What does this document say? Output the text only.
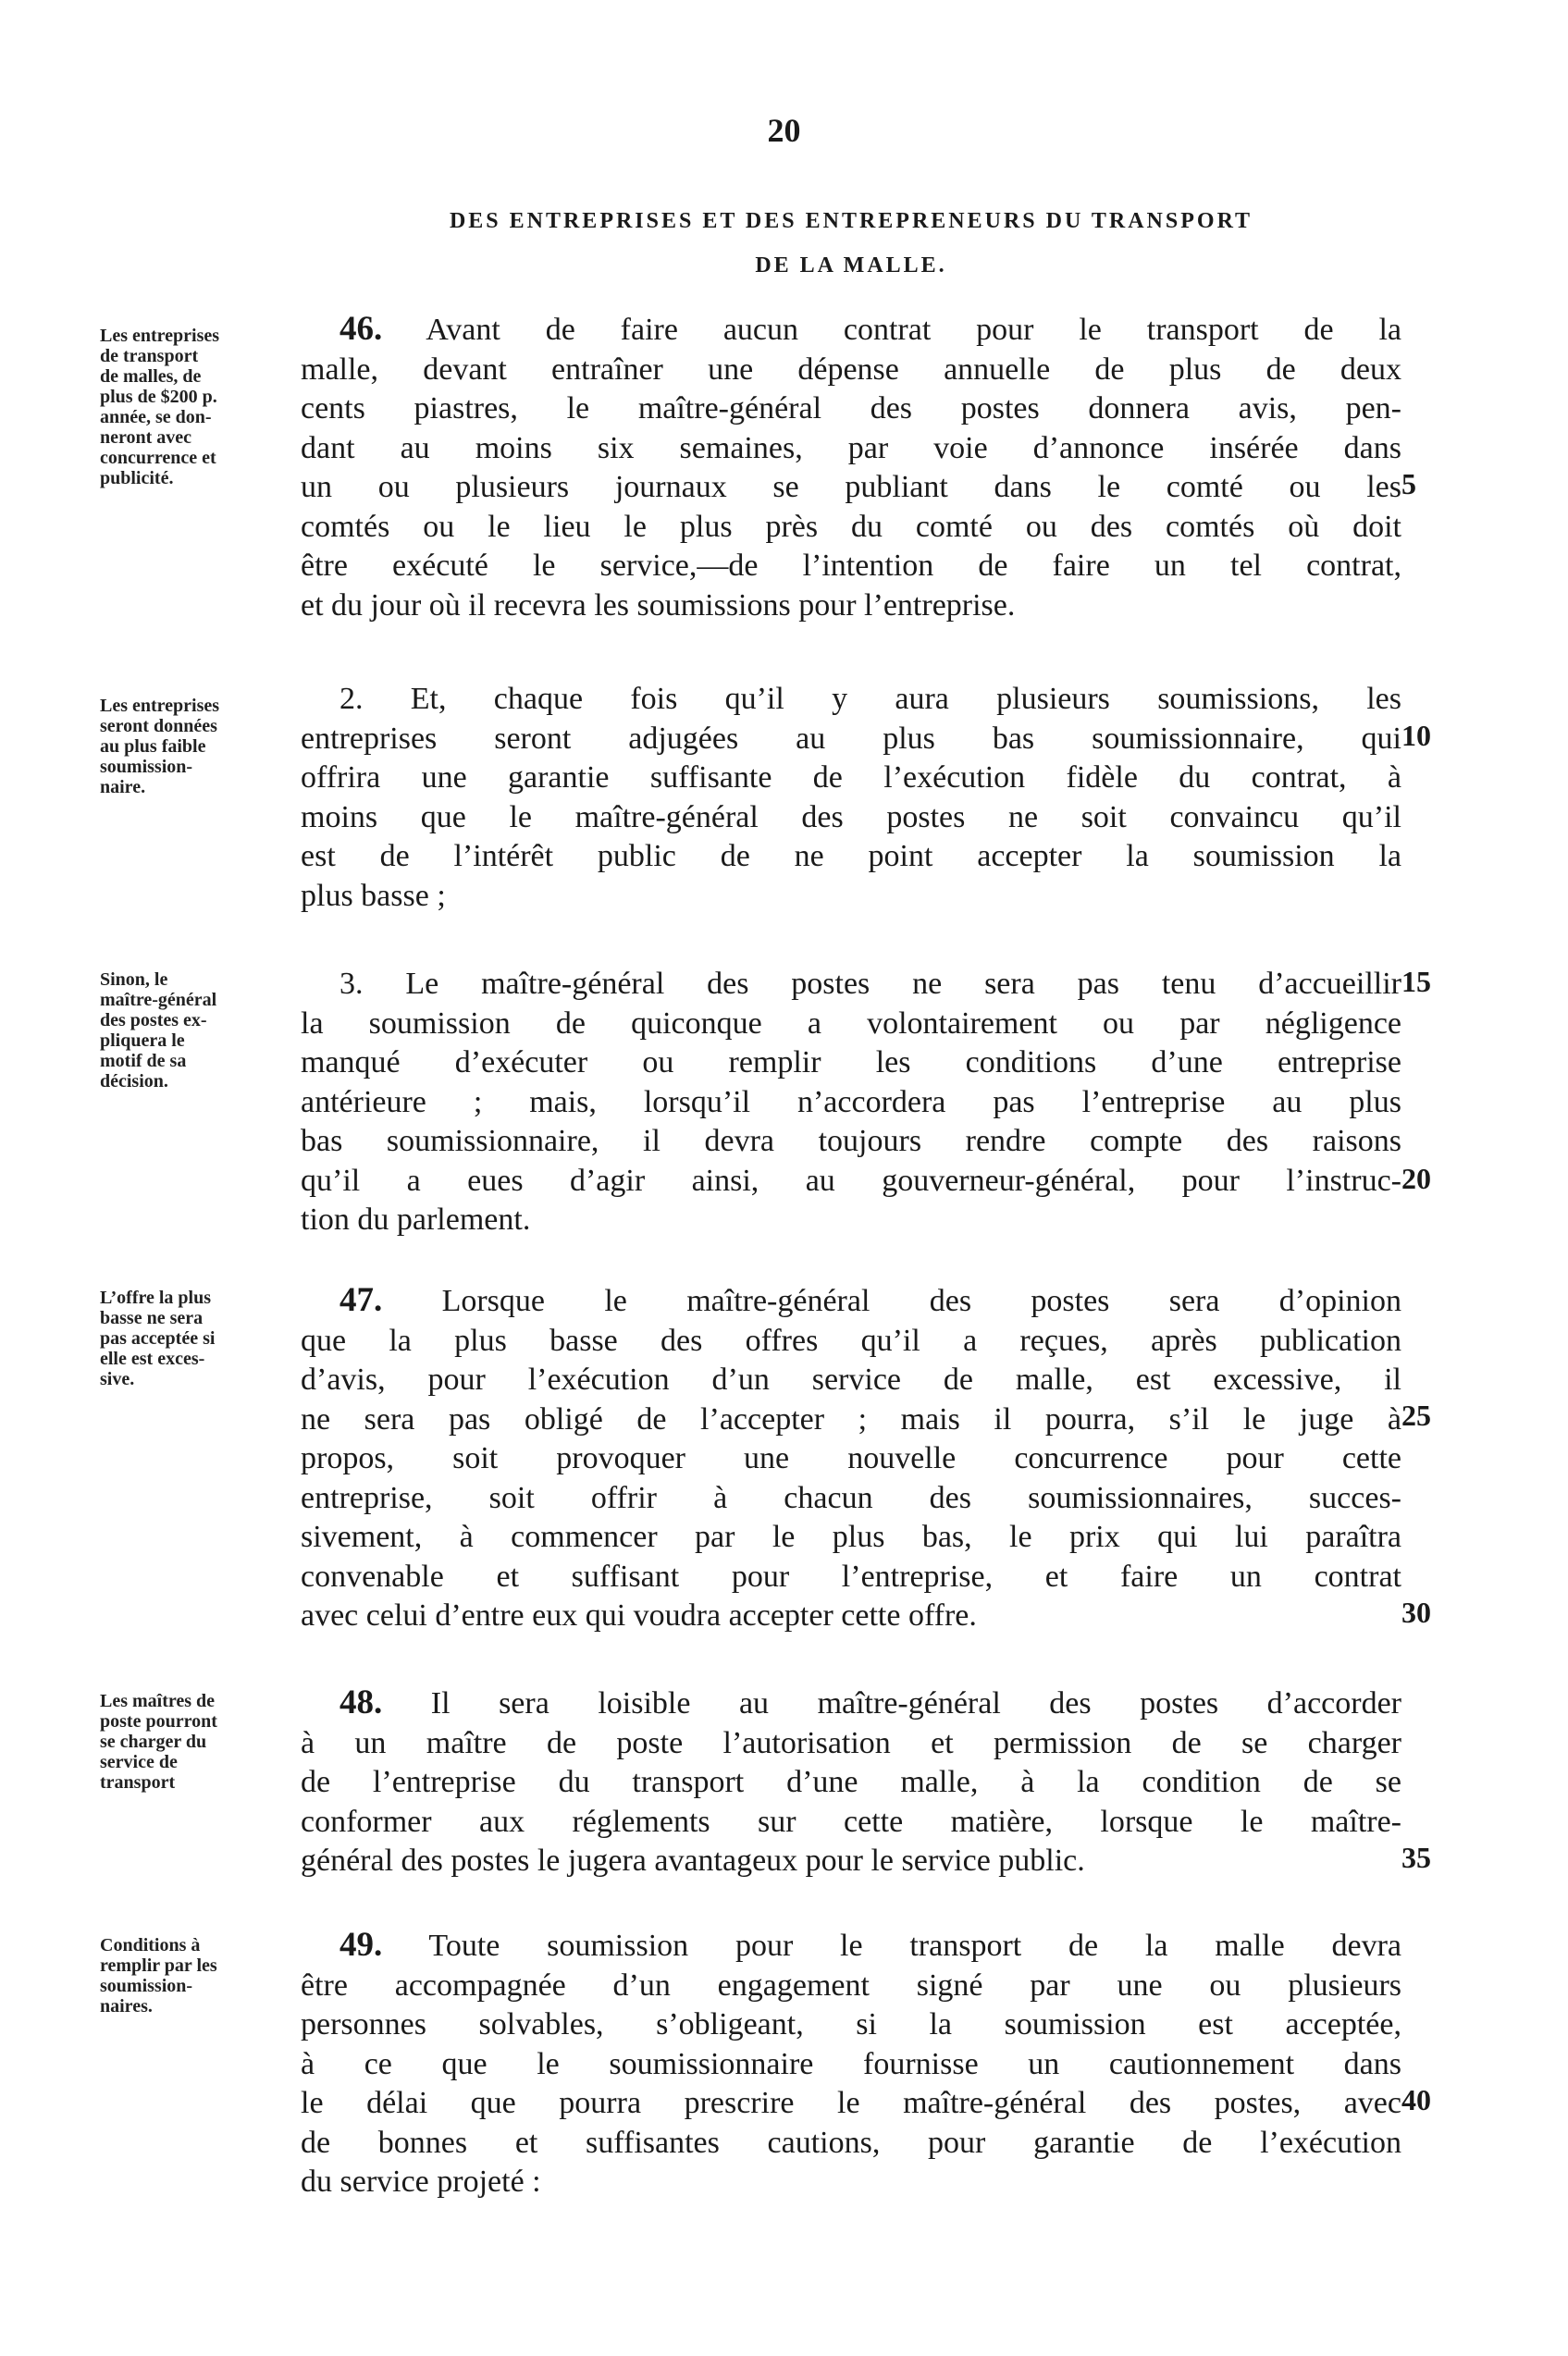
20
DES ENTREPRISES ET DES ENTREPRENEURS DU TRANSPORT
DE LA MALLE.
Les entreprises
de transport
de malles, de
plus de $200 p.
année, se don-
neront avec
concurrence et
publicité.
46. Avant de faire aucun contrat pour le transport de la
malle, devant entraîner une dépense annuelle de plus de deux
cents piastres, le maître-général des postes donnera avis, pen-
dant au moins six semaines, par voie d’annonce insérée dans
un ou plusieurs journaux se publiant dans le comté ou les
comtés ou le lieu le plus près du comté ou des comtés où doit
être exécuté le service,—de l’intention de faire un tel contrat,
et du jour où il recevra les soumissions pour l’entreprise.
Les entreprises
seront données
au plus faible
soumission-
naire.
2. Et, chaque fois qu’il y aura plusieurs soumissions, les
entreprises seront adjugées au plus bas soumissionnaire, qui
offrira une garantie suffisante de l’exécution fidèle du contrat, à
moins que le maître-général des postes ne soit convaincu qu’il
est de l’intérêt public de ne point accepter la soumission la
plus basse ;
Sinon, le
maître-général
des postes ex-
pliquera le
motif de sa
décision.
3. Le maître-général des postes ne sera pas tenu d’accueillir
la soumission de quiconque a volontairement ou par négligence
manqué d’exécuter ou remplir les conditions d’une entreprise
antérieure ; mais, lorsqu’il n’accordera pas l’entreprise au plus
bas soumissionnaire, il devra toujours rendre compte des raisons
qu’il a eues d’agir ainsi, au gouverneur-général, pour l’instruc-
tion du parlement.
L’offre la plus
basse ne sera
pas acceptée si
elle est exces-
sive.
47. Lorsque le maître-général des postes sera d’opinion
que la plus basse des offres qu’il a reçues, après publication
d’avis, pour l’exécution d’un service de malle, est excessive, il
ne sera pas obligé de l’accepter ; mais il pourra, s’il le juge à
propos, soit provoquer une nouvelle concurrence pour cette
entreprise, soit offrir à chacun des soumissionnaires, succes-
sivement, à commencer par le plus bas, le prix qui lui paraîtra
convenable et suffisant pour l’entreprise, et faire un contrat
avec celui d’entre eux qui voudra accepter cette offre.
Les maîtres de
poste pourront
se charger du
service de
transport
48. Il sera loisible au maître-général des postes d’accorder
à un maître de poste l’autorisation et permission de se charger
de l’entreprise du transport d’une malle, à la condition de se
conformer aux réglements sur cette matière, lorsque le maître-
général des postes le jugera avantageux pour le service public.
Conditions à
remplir par les
soumission-
naires.
49. Toute soumission pour le transport de la malle devra
être accompagnée d’un engagement signé par une ou plusieurs
personnes solvables, s’obligeant, si la soumission est acceptée,
à ce que le soumissionnaire fournisse un cautionnement dans
le délai que pourra prescrire le maître-général des postes, avec
de bonnes et suffisantes cautions, pour garantie de l’exécution
du service projeté :
5
10
15
20
25
30
35
40
